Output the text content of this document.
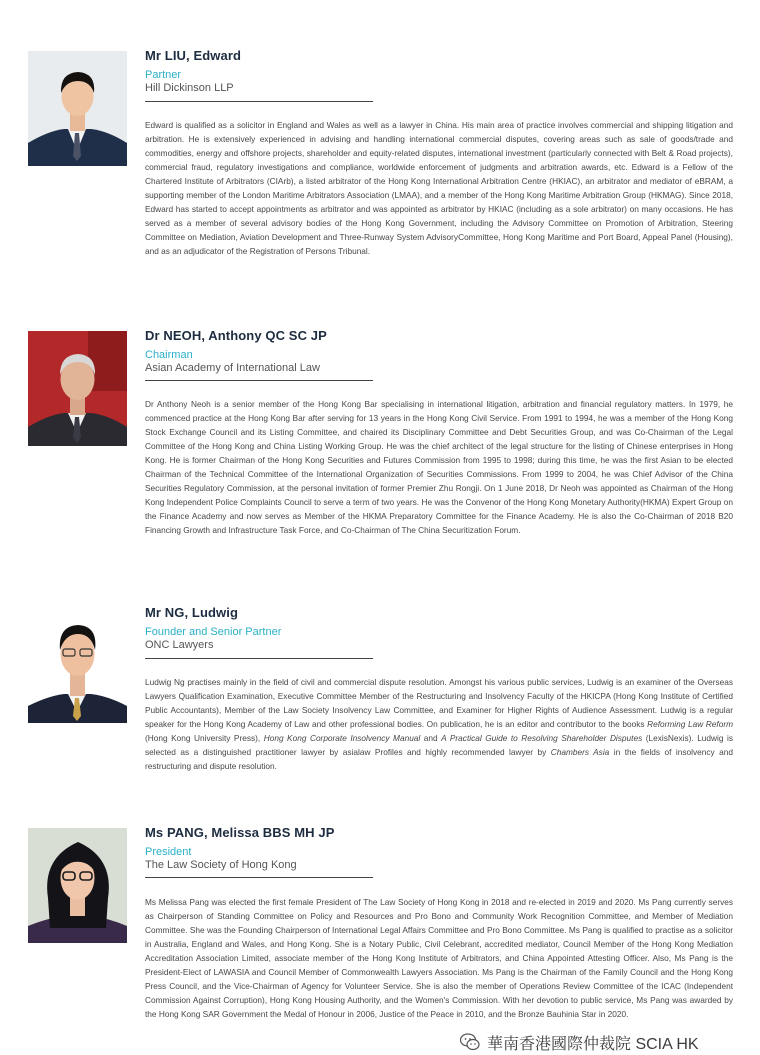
Mr LIU, Edward
Partner
Hill Dickinson LLP

Edward is qualified as a solicitor in England and Wales as well as a lawyer in China. His main area of practice involves commercial and shipping litigation and arbitration. He is extensively experienced in advising and handling international commercial disputes, covering areas such as sale of goods/trade and commodities, energy and offshore projects, shareholder and equity-related disputes, international investment (particularly connected with Belt & Road projects), commercial fraud, regulatory investigations and compliance, worldwide enforcement of judgments and arbitration awards, etc. Edward is a Fellow of the Chartered Institute of Arbitrators (CIArb), a listed arbitrator of the Hong Kong International Arbitration Centre (HKIAC), an arbitrator and mediator of eBRAM, a supporting member of the London Maritime Arbitrators Association (LMAA), and a member of the Hong Kong Maritime Arbitration Group (HKMAG). Since 2018, Edward has started to accept appointments as arbitrator and was appointed as arbitrator by HKIAC (including as a sole arbitrator) on many occasions. He has served as a member of several advisory bodies of the Hong Kong Government, including the Advisory Committee on Promotion of Arbitration, Steering Committee on Mediation, Aviation Development and Three-Runway System AdvisoryCommittee, Hong Kong Maritime and Port Board, Appeal Panel (Housing), and as an adjudicator of the Registration of Persons Tribunal.

Dr NEOH, Anthony QC SC JP
Chairman
Asian Academy of International Law

Dr Anthony Neoh is a senior member of the Hong Kong Bar specialising in international litigation, arbitration and financial regulatory matters. In 1979, he commenced practice at the Hong Kong Bar after serving for 13 years in the Hong Kong Civil Service. From 1991 to 1994, he was a member of the Hong Kong Stock Exchange Council and its Listing Committee, and chaired its Disciplinary Committee and Debt Securities Group, and was Co-Chairman of the Legal Committee of the Hong Kong and China Listing Working Group. He was the chief architect of the legal structure for the listing of Chinese enterprises in Hong Kong. He is former Chairman of the Hong Kong Securities and Futures Commission from 1995 to 1998; during this time, he was the first Asian to be elected Chairman of the Technical Committee of the International Organization of Securities Commissions. From 1999 to 2004, he was Chief Advisor of the China Securities Regulatory Commission, at the personal invitation of former Premier Zhu Rongji. On 1 June 2018, Dr Neoh was appointed as Chairman of the Hong Kong Independent Police Complaints Council to serve a term of two years. He was the Convenor of the Hong Kong Monetary Authority(HKMA) Expert Group on the Finance Academy and now serves as Member of the HKMA Preparatory Committee for the Finance Academy. He is also the Co-Chairman of 2018 B20 Financing Growth and Infrastructure Task Force, and Co-Chairman of The China Securitization Forum.

Mr NG, Ludwig
Founder and Senior Partner
ONC Lawyers

Ludwig Ng practises mainly in the field of civil and commercial dispute resolution. Amongst his various public services, Ludwig is an examiner of the Overseas Lawyers Qualification Examination, Executive Committee Member of the Restructuring and Insolvency Faculty of the HKICPA (Hong Kong Institute of Certified Public Accountants), Member of the Law Society Insolvency Law Committee, and Examiner for Higher Rights of Audience Assessment. Ludwig is a regular speaker for the Hong Kong Academy of Law and other professional bodies. On publication, he is an editor and contributor to the books Reforming Law Reform (Hong Kong University Press), Hong Kong Corporate Insolvency Manual and A Practical Guide to Resolving Shareholder Disputes (LexisNexis). Ludwig is selected as a distinguished practitioner lawyer by asialaw Profiles and highly recommended lawyer by Chambers Asia in the fields of insolvency and restructuring and dispute resolution.

Ms PANG, Melissa BBS MH JP
President
The Law Society of Hong Kong

Ms Melissa Pang was elected the first female President of The Law Society of Hong Kong in 2018 and re-elected in 2019 and 2020. Ms Pang currently serves as Chairperson of Standing Committee on Policy and Resources and Pro Bono and Community Work Recognition Committee, and Member of Mediation Committee. She was the Founding Chairperson of International Legal Affairs Committee and Pro Bono Committee. Ms Pang is qualified to practise as a solicitor in Australia, England and Wales, and Hong Kong. She is a Notary Public, Civil Celebrant, accredited mediator, Council Member of the Hong Kong Mediation Accreditation Association Limited, associate member of the Hong Kong Institute of Arbitrators, and China Appointed Attesting Officer. Also, Ms Pang is the President-Elect of LAWASIA and Council Member of Commonwealth Lawyers Association. Ms Pang is the Chairman of the Family Council and the Hong Kong Press Council, and the Vice-Chairman of Agency for Volunteer Service. She is also the member of Operations Review Committee of the ICAC (Independent Commission Against Corruption), Hong Kong Housing Authority, and the Women's Commission. With her devotion to public service, Ms Pang was awarded by the Hong Kong SAR Government the Medal of Honour in 2006, Justice of the Peace in 2010, and the Bronze Bauhinia Star in 2020.

華南香港國際仲裁院 SCIA HK
